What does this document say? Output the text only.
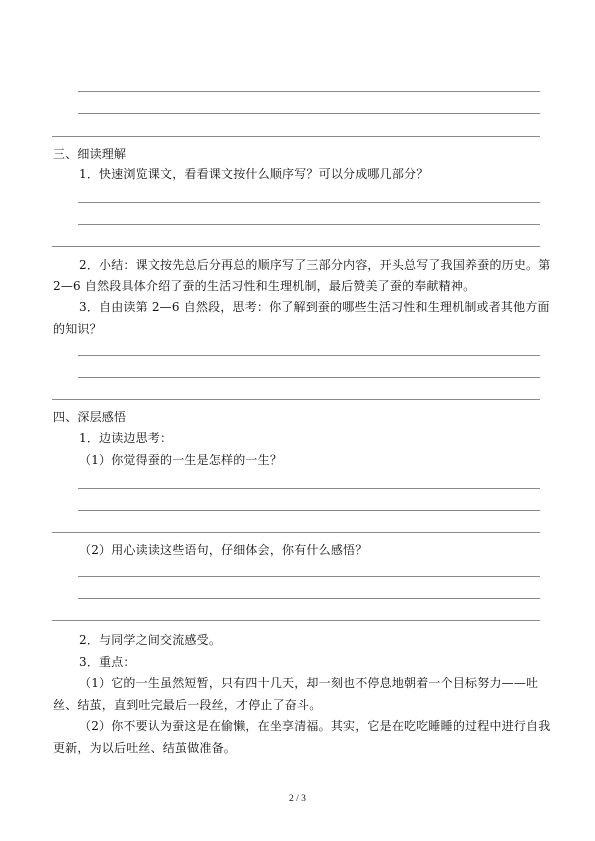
三、细读理解
1．快速浏览课文，看看课文按什么顺序写？可以分成哪几部分？
2．小结：课文按先总后分再总的顺序写了三部分内容，开头总写了我国养蚕的历史。第
2—6 自然段具体介绍了蚕的生活习性和生理机制，最后赞美了蚕的奉献精神。
3．自由读第 2—6 自然段，思考：你了解到蚕的哪些生活习性和生理机制或者其他方面
的知识？
四、深层感悟
1．边读边思考：
（1）你觉得蚕的一生是怎样的一生？
（2）用心读读这些语句，仔细体会，你有什么感悟？
2．与同学之间交流感受。
3．重点：
（1）它的一生虽然短暂，只有四十几天，却一刻也不停息地朝着一个目标努力——吐
丝、结茧，直到吐完最后一段丝，才停止了奋斗。
（2）你不要认为蚕这是在偷懒，在坐享清福。其实，它是在吃吃睡睡的过程中进行自我
更新，为以后吐丝、结茧做准备。
2 / 3
